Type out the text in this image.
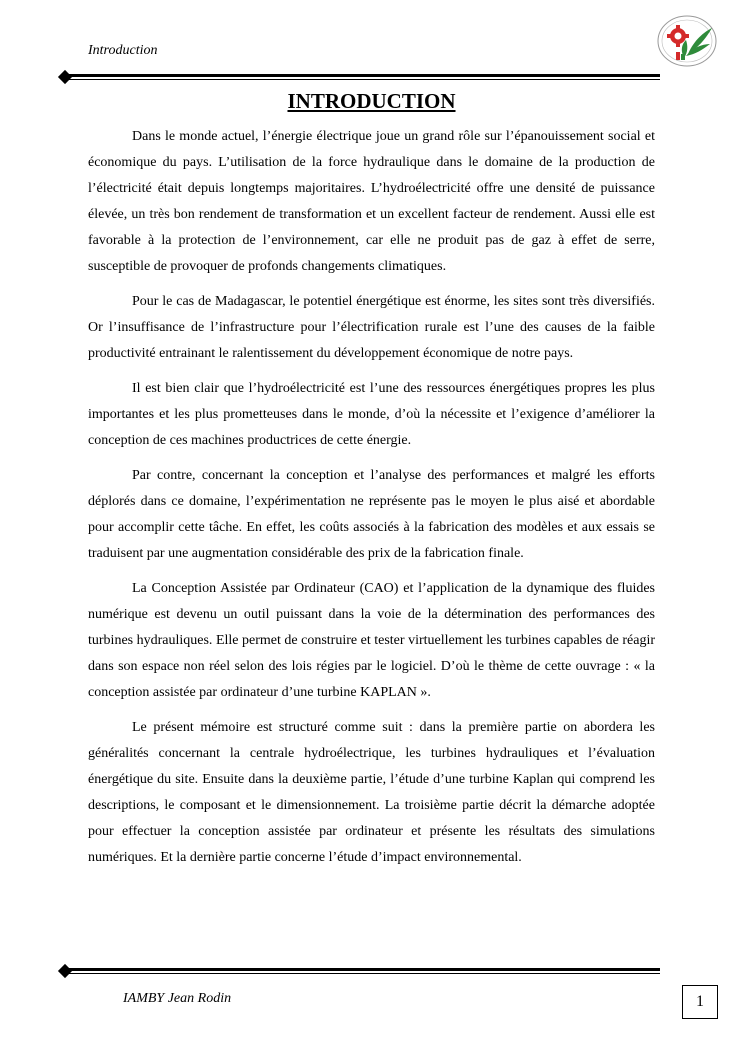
Introduction
INTRODUCTION

Dans le monde actuel, l’énergie électrique joue un grand rôle sur l’épanouissement social et économique du pays. L’utilisation de la force hydraulique dans le domaine de la production de l’électricité était depuis longtemps majoritaires. L’hydroélectricité offre une densité de puissance élevée, un très bon rendement de transformation et un excellent facteur de rendement. Aussi elle est favorable à la protection de l’environnement, car elle ne produit pas de gaz à effet de serre, susceptible de provoquer de profonds changements climatiques.

Pour le cas de Madagascar, le potentiel énergétique est énorme, les sites sont très diversifiés. Or l’insuffisance de l’infrastructure pour l’électrification rurale est l’une des causes de la faible productivité entrainant le ralentissement du développement économique de notre pays.

Il est bien clair que l’hydroélectricité est l’une des ressources énergétiques propres les plus importantes et les plus prometteuses dans le monde, d’où la nécessite et l’exigence d’améliorer la conception de ces machines productrices de cette énergie.

Par contre, concernant la conception et l’analyse des performances et malgré les efforts déplorés dans ce domaine, l’expérimentation ne représente pas le moyen le plus aisé et abordable pour accomplir cette tâche. En effet, les coûts associés à la fabrication des modèles et aux essais se traduisent par une augmentation considérable des prix de la fabrication finale.

La Conception Assistée par Ordinateur (CAO) et l’application de la dynamique des fluides numérique est devenu un outil puissant dans la voie de la détermination des performances des turbines hydrauliques. Elle permet de construire et tester virtuellement les turbines capables de réagir dans son espace non réel selon des lois régies par le logiciel. D’où le thème de cette ouvrage : « la conception assistée par ordinateur d’une turbine KAPLAN ».

Le présent mémoire est structuré comme suit : dans la première partie on abordera les généralités concernant la centrale hydroélectrique, les turbines hydrauliques et l’évaluation énergétique du site. Ensuite dans la deuxième partie, l’étude d’une turbine Kaplan qui comprend les descriptions, le composant et le dimensionnement. La troisième partie décrit la démarche adoptée pour effectuer la conception assistée par ordinateur et présente les résultats des simulations numériques. Et la dernière partie concerne l’étude d’impact environnemental.

IAMBY Jean Rodin	1
